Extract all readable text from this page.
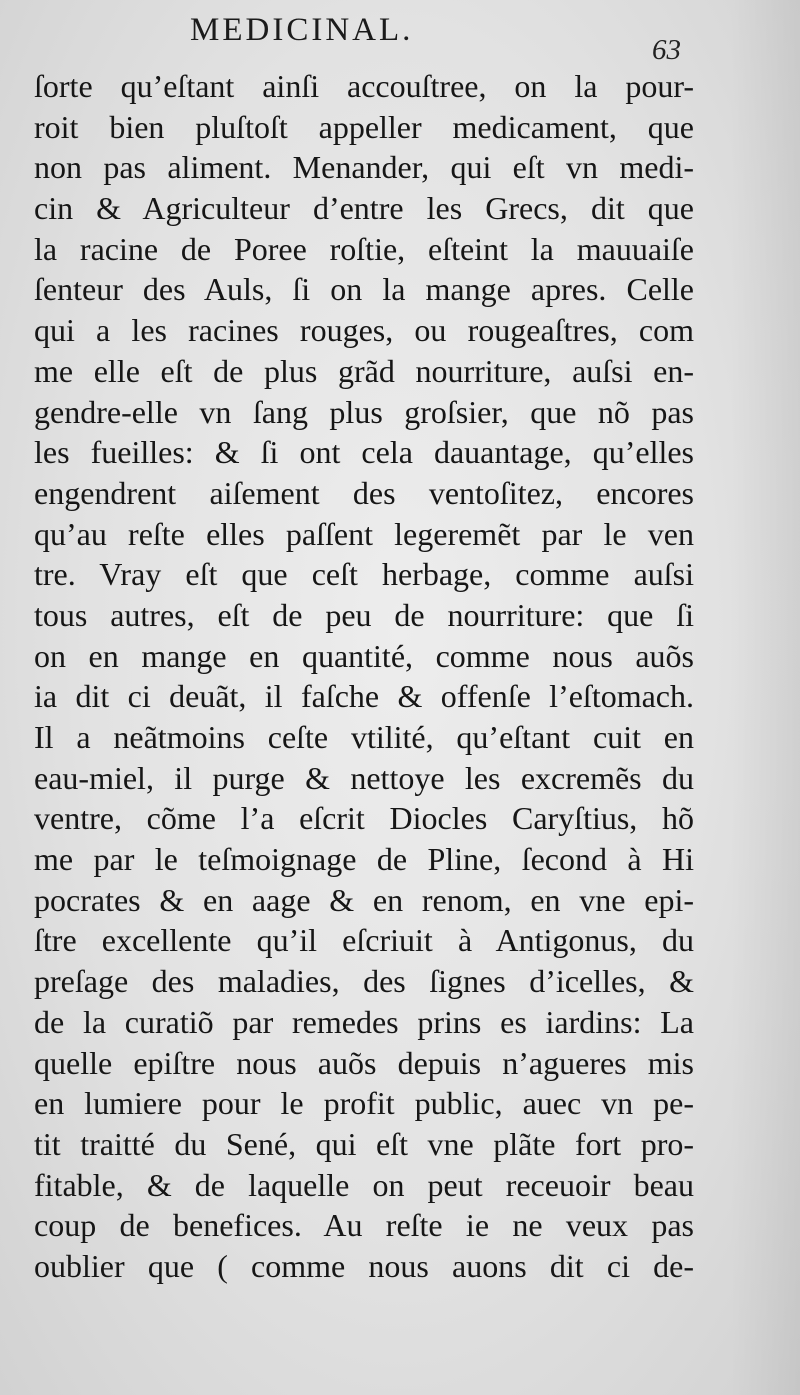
MEDICINAL.
63
ſorte qu’eſtant ainſi accouſtree, on la pour-
roit bien pluſtoſt appeller medicament, que
non pas aliment. Menander, qui eſt vn medi-
cin & Agriculteur d’entre les Grecs, dit que
la racine de Poree roſtie, eſteint la mauuaiſe
ſenteur des Auls, ſi on la mange apres. Celle
qui a les racines rouges, ou rougeaſtres, com
me elle eſt de plus grãd nourriture, auſsi en-
gendre-elle vn ſang plus groſsier, que nõ pas
les fueilles: & ſi ont cela dauantage, qu’elles
engendrent aiſement des ventoſitez, encores
qu’au reſte elles paſſent legeremẽt par le ven
tre. Vray eſt que ceſt herbage, comme auſsi
tous autres, eſt de peu de nourriture: que ſi
on en mange en quantité, comme nous auõs
ia dit ci deuãt, il faſche & offenſe l’eſtomach.
Il a neãtmoins ceſte vtilité, qu’eſtant cuit en
eau-miel, il purge & nettoye les excremẽs du
ventre, cõme l’a eſcrit Diocles Caryſtius, hõ
me par le teſmoignage de Pline, ſecond à Hi
pocrates & en aage & en renom, en vne epi-
ſtre excellente qu’il eſcriuit à Antigonus, du
preſage des maladies, des ſignes d’icelles, &
de la curatiõ par remedes prins es iardins: La
quelle epiſtre nous auõs depuis n’agueres mis
en lumiere pour le profit public, auec vn pe-
tit traitté du Sené, qui eſt vne plãte fort pro-
fitable, & de laquelle on peut receuoir beau
coup de benefices. Au reſte ie ne veux pas
oublier que ( comme nous auons dit ci de-
